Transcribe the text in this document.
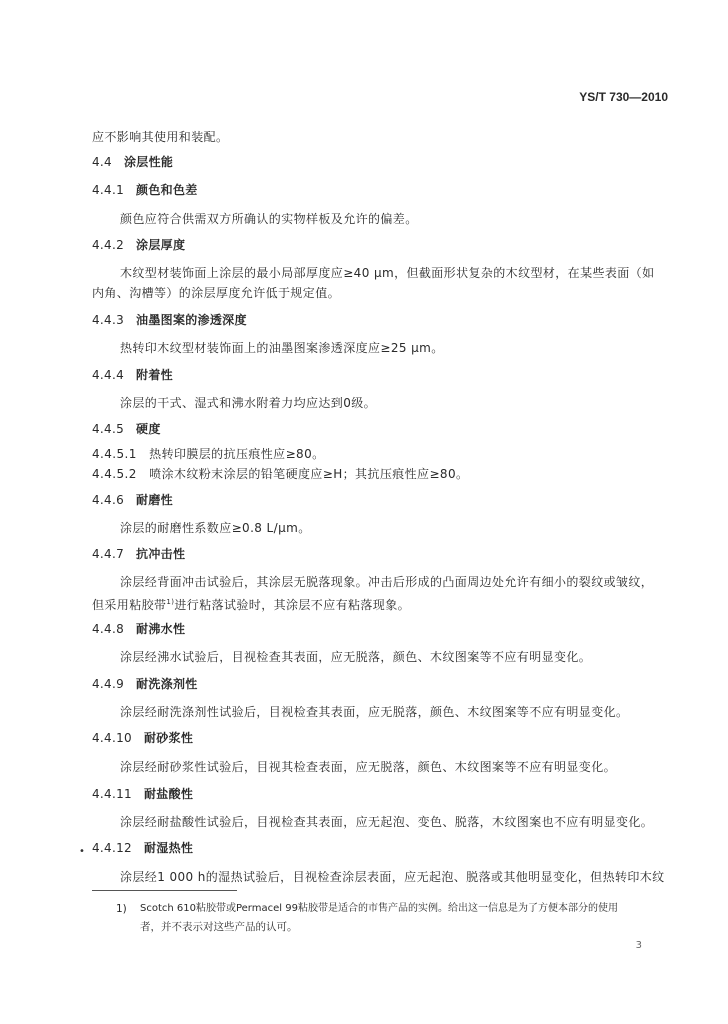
YS/T 730—2010
应不影响其使用和装配。
4.4 涂层性能
4.4.1 颜色和色差
颜色应符合供需双方所确认的实物样板及允许的偏差。
4.4.2 涂层厚度
木纹型材装饰面上涂层的最小局部厚度应≥40 μm，但截面形状复杂的木纹型材，在某些表面（如
内角、沟槽等）的涂层厚度允许低于规定值。
4.4.3 油墨图案的渗透深度
热转印木纹型材装饰面上的油墨图案渗透深度应≥25 μm。
4.4.4 附着性
涂层的干式、湿式和沸水附着力均应达到0级。
4.4.5 硬度
4.4.5.1　热转印膜层的抗压痕性应≥80。
4.4.5.2　喷涂木纹粉末涂层的铅笔硬度应≥H；其抗压痕性应≥80。
4.4.6 耐磨性
涂层的耐磨性系数应≥0.8 L/μm。
4.4.7 抗冲击性
涂层经背面冲击试验后，其涂层无脱落现象。冲击后形成的凸面周边处允许有细小的裂纹或皱纹，
但采用粘胶带$^{1)}$进行粘落试验时，其涂层不应有粘落现象。
4.4.8 耐沸水性
涂层经沸水试验后，目视检查其表面，应无脱落，颜色、木纹图案等不应有明显变化。
4.4.9 耐洗涤剂性
涂层经耐洗涤剂性试验后，目视检查其表面，应无脱落，颜色、木纹图案等不应有明显变化。
4.4.10 耐砂浆性
涂层经耐砂浆性试验后，目视其检查表面，应无脱落，颜色、木纹图案等不应有明显变化。
4.4.11 耐盐酸性
涂层经耐盐酸性试验后，目视检查其表面，应无起泡、变色、脱落，木纹图案也不应有明显变化。
• 4.4.12 耐湿热性
涂层经1 000 h的湿热试验后，目视检查涂层表面，应无起泡、脱落或其他明显变化，但热转印木纹
1) Scotch 610粘胶带或Permacel 99粘胶带是适合的市售产品的实例。给出这一信息是为了方便本部分的使用
者，并不表示对这些产品的认可。
3
